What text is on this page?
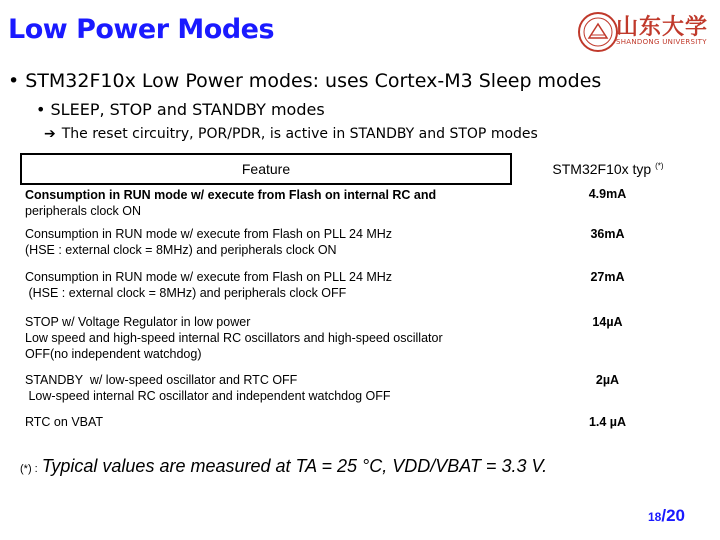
Low Power Modes	山东大学
SHANDONG UNIVERSITY
• STM32F10x Low Power modes: uses Cortex-M3 Sleep modes
• SLEEP, STOP and STANDBY modes
➔ The reset circuitry, POR/PDR, is active in STANDBY and STOP modes
Feature	STM32F10x typ (*)
Consumption in RUN mode w/ execute from Flash on internal RC and
peripherals clock ON	4.9mA
Consumption in RUN mode w/ execute from Flash on PLL 24 MHz
(HSE : external clock = 8MHz) and peripherals clock ON	36mA
Consumption in RUN mode w/ execute from Flash on PLL 24 MHz
(HSE : external clock = 8MHz) and peripherals clock OFF	27mA
STOP w/ Voltage Regulator in low power
Low speed and high-speed internal RC oscillators and high-speed oscillator
OFF(no independent watchdog)	14µA
STANDBY  w/ low-speed oscillator and RTC OFF
Low-speed internal RC oscillator and independent watchdog OFF	2µA
RTC on VBAT	1.4 µA
(*) : Typical values are measured at TA = 25 °C, VDD/VBAT = 3.3 V.
18/20
